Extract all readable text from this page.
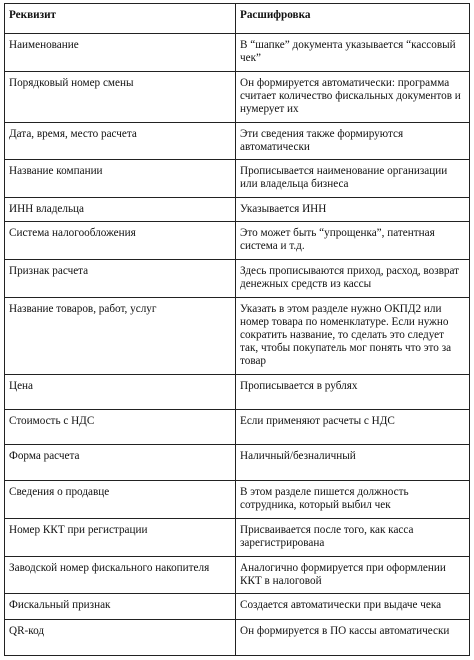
Реквизит	Расшифровка
Наименование	В “шапке” документа указывается “кассовый чек”
Порядковый номер смены	Он формируется автоматически: программа считает количество фискальных документов и нумерует их
Дата, время, место расчета	Эти сведения также формируются автоматически
Название компании	Прописывается наименование организации или владельца бизнеса
ИНН владельца	Указывается ИНН
Система налогообложения	Это может быть “упрощенка”, патентная система и т.д.
Признак расчета	Здесь прописываются приход, расход, возврат денежных средств из кассы
Название товаров, работ, услуг	Указать в этом разделе нужно ОКПД2 или номер товара по номенклатуре. Если нужно сократить название, то сделать это следует так, чтобы покупатель мог понять что это за товар
Цена	Прописывается в рублях
Стоимость с НДС	Если применяют расчеты с НДС
Форма расчета	Наличный/безналичный
Сведения о продавце	В этом разделе пишется должность сотрудника, который выбил чек
Номер ККТ при регистрации	Присваивается после того, как касса зарегистрирована
Заводской номер фискального накопителя	Аналогично формируется при оформлении ККТ в налоговой
Фискальный признак	Создается автоматически при выдаче чека
QR-код	Он формируется в ПО кассы автоматически
